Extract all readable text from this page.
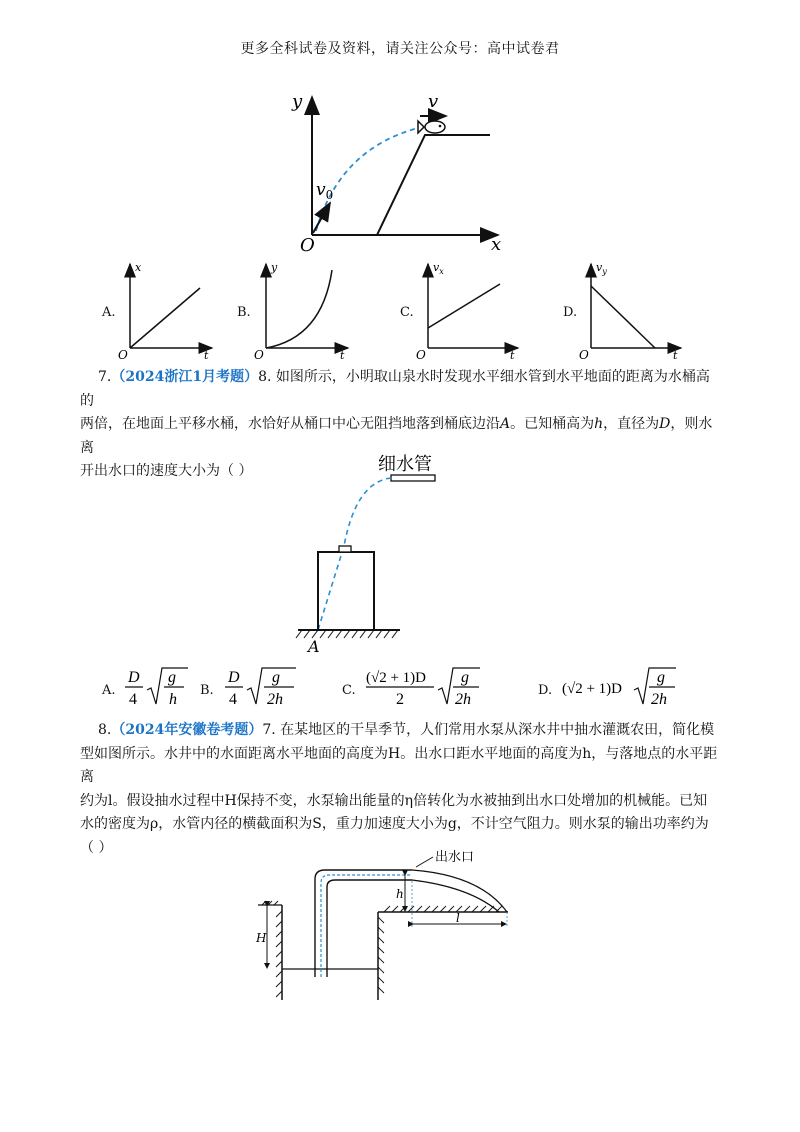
更多全科试卷及资料，请关注公众号：高中试卷君
y
x
O
$v_0$
v
A.
x
t
O
B.
y
t
O
C.
$v_x$
t
O
D.
$v_y$
t
O
7.（2024浙江1月考题）8. 如图所示，小明取山泉水时发现水平细水管到水平地面的距离为水桶高的
两倍，在地面上平移水桶，水恰好从桶口中心无阻挡地落到桶底边沿A。已知桶高为h，直径为D，则水离
开出水口的速度大小为（ ）	细水管
A
A.
D
4
g
h
B.
D
4
g
2h
C.
(√2 + 1)D
2
g
2h
D. (√2 + 1)D
g
2h
8.（2024年安徽卷考题）7. 在某地区的干旱季节，人们常用水泵从深水井中抽水灌溉农田，简化模
型如图所示。水井中的水面距离水平地面的高度为H。出水口距水平地面的高度为h，与落地点的水平距离
约为l。假设抽水过程中H保持不变，水泵输出能量的η倍转化为水被抽到出水口处增加的机械能。已知
水的密度为ρ，水管内径的横截面积为S，重力加速度大小为g，不计空气阻力。则水泵的输出功率约为
（ ）
出水口
h
H
l
